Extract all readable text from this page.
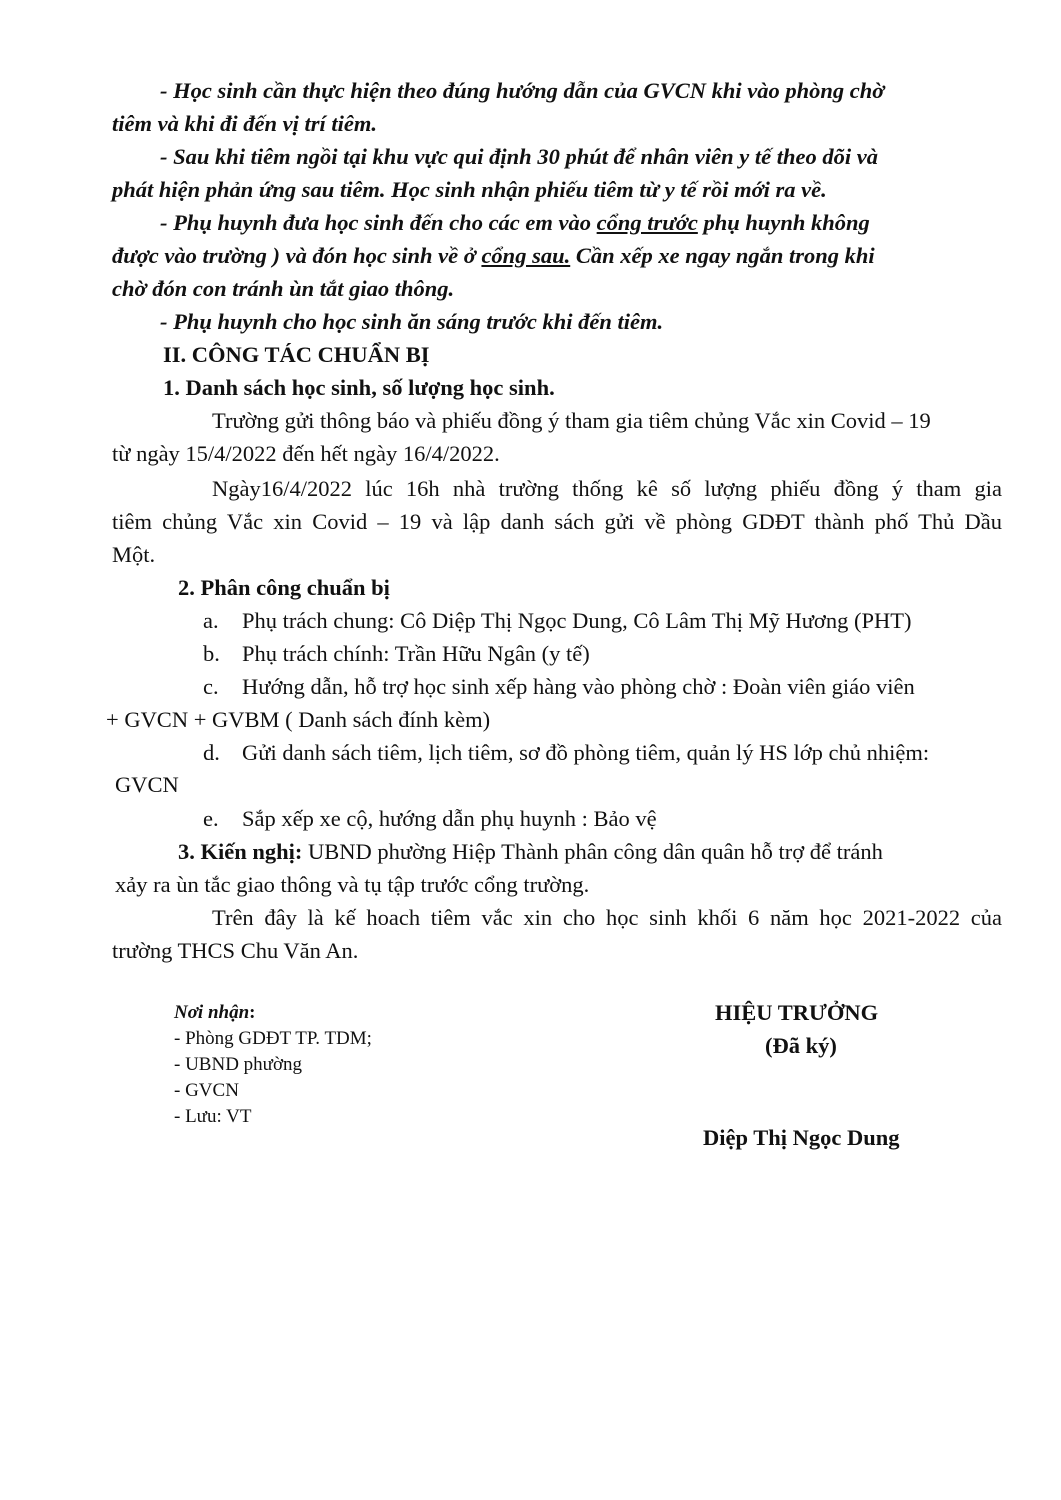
- Học sinh cần thực hiện theo đúng hướng dẫn của GVCN khi vào phòng chờ
tiêm và khi đi đến vị trí tiêm.
- Sau khi tiêm ngồi tại khu vực qui định 30 phút để nhân viên y tế theo dõi và
phát hiện phản ứng sau tiêm. Học sinh nhận phiếu tiêm từ y tế rồi mới ra về.
- Phụ huynh đưa học sinh đến cho các em vào cổng trước phụ huynh không
được vào trường ) và đón học sinh về ở cổng sau. Cần xếp xe ngay ngắn trong khi
chờ đón con tránh ùn tắt giao thông.
- Phụ huynh cho học sinh ăn sáng trước khi đến tiêm.
II. CÔNG TÁC CHUẨN BỊ
1. Danh sách học sinh, số lượng học sinh.
Trường gửi thông báo và phiếu đồng ý tham gia tiêm chủng Vắc xin Covid – 19
từ ngày 15/4/2022 đến hết ngày 16/4/2022.
Ngày16/4/2022 lúc 16h nhà trường thống kê số lượng phiếu đồng ý tham gia
tiêm chủng Vắc xin Covid – 19 và lập danh sách gửi về phòng GDĐT thành phố Thủ Dầu
Một.
2. Phân công chuẩn bị
a. Phụ trách chung: Cô Diệp Thị Ngọc Dung, Cô Lâm Thị Mỹ Hương (PHT)
b. Phụ trách chính: Trần Hữu Ngân (y tế)
c. Hướng dẫn, hỗ trợ học sinh xếp hàng vào phòng chờ : Đoàn viên giáo viên
+ GVCN + GVBM ( Danh sách đính kèm)
d. Gửi danh sách tiêm, lịch tiêm, sơ đồ phòng tiêm, quản lý HS lớp chủ nhiệm:
GVCN
e. Sắp xếp xe cộ, hướng dẫn phụ huynh : Bảo vệ
3. Kiến nghị: UBND phường Hiệp Thành phân công dân quân hỗ trợ để tránh
xảy ra ùn tắc giao thông và tụ tập trước cổng trường.
Trên đây là kế hoach tiêm vắc xin cho học sinh khối 6 năm học 2021-2022 của
trường THCS Chu Văn An.
Nơi nhận:
- Phòng GDĐT TP. TDM;
- UBND phường
- GVCN
- Lưu: VT
HIỆU TRƯỞNG
(Đã ký)
Diệp Thị Ngọc Dung
